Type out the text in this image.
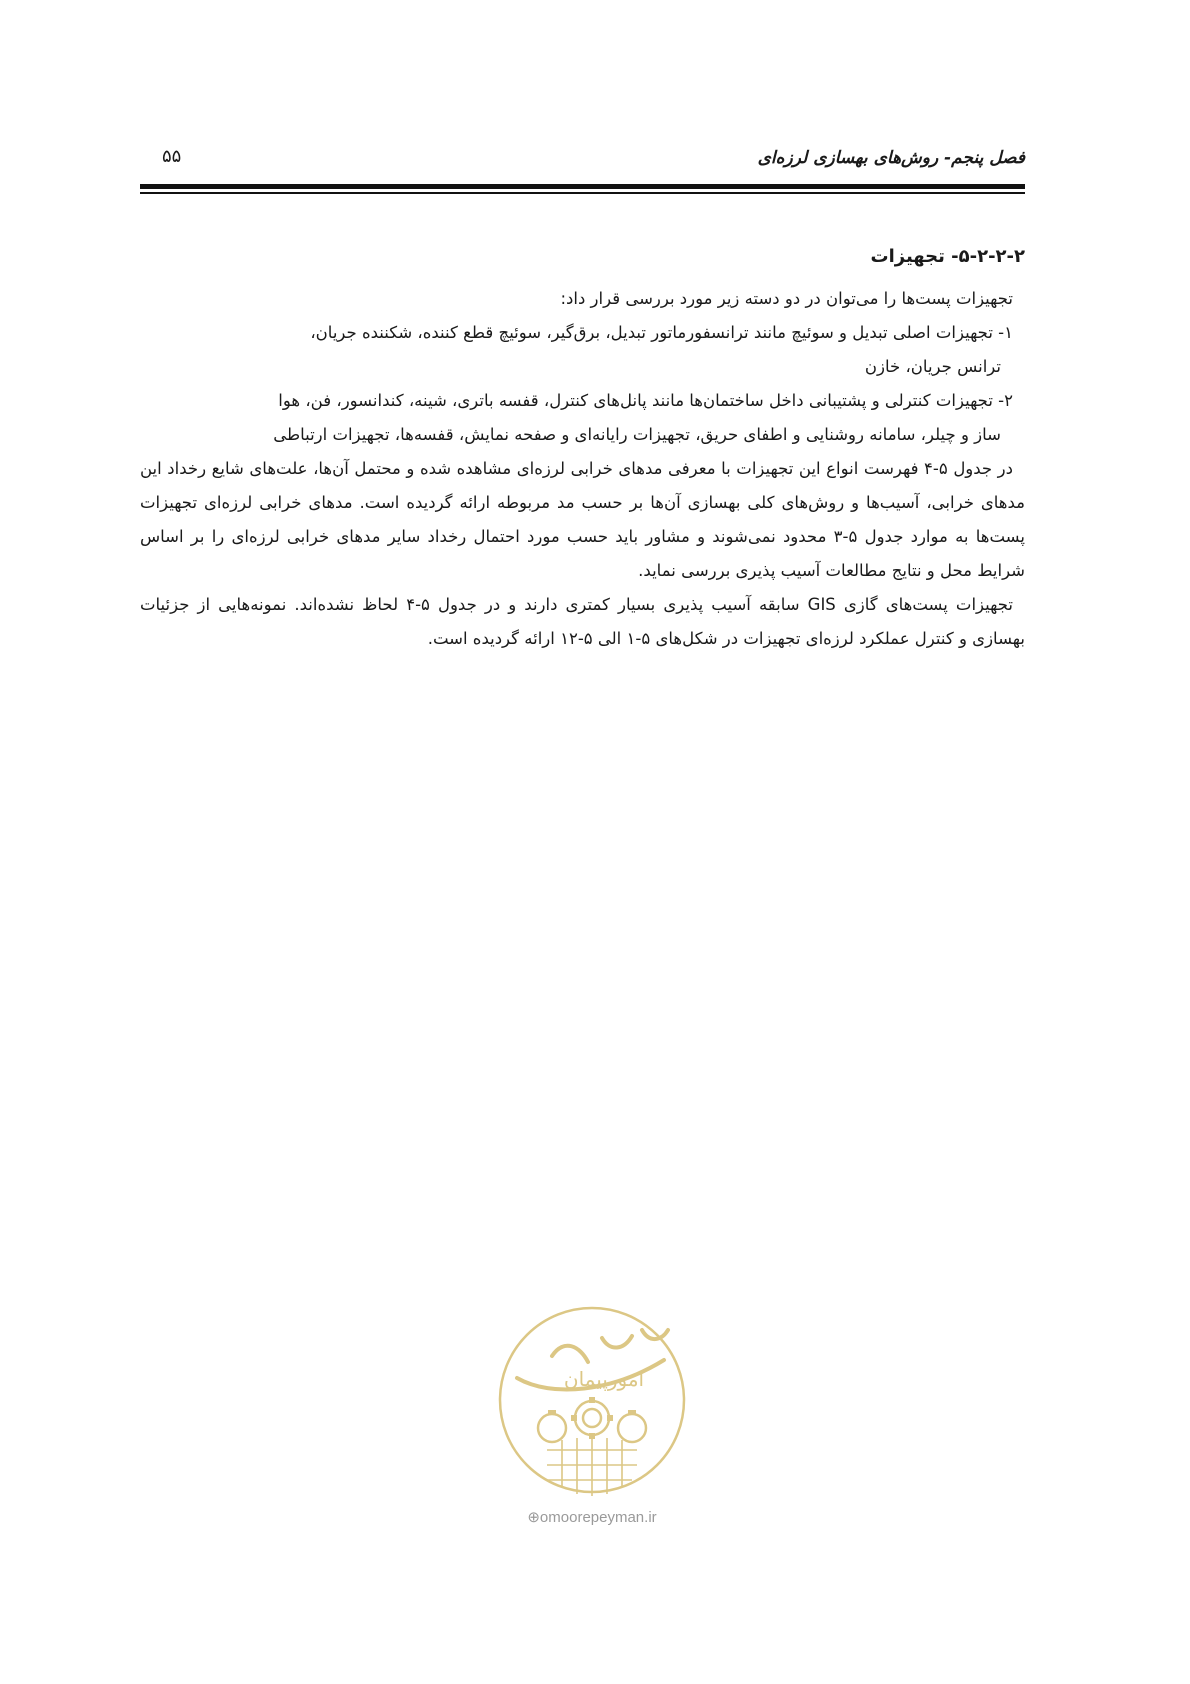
فصل پنجم- روش‌های بهسازی لرزه‌ای
۵۵
۵-۲-۲-۲- تجهیزات

تجهیزات پست‌ها را می‌توان در دو دسته زیر مورد بررسی قرار داد:

۱- تجهیزات اصلی تبدیل و سوئیچ مانند ترانسفورماتور تبدیل، برق‌گیر، سوئیچ قطع کننده، شکننده جریان،
ترانس جریان، خازن

۲- تجهیزات کنترلی و پشتیبانی داخل ساختمان‌ها مانند پانل‌های کنترل، قفسه باتری، شینه، کندانسور، فن، هوا
ساز و چیلر، سامانه روشنایی و اطفای حریق، تجهیزات رایانه‌ای و صفحه نمایش، قفسه‌ها، تجهیزات ارتباطی

در جدول ۵-۴ فهرست انواع این تجهیزات با معرفی مدهای خرابی لرزه‌ای مشاهده شده و محتمل آن‌ها، علت‌های شایع رخداد این مدهای خرابی، آسیب‌ها و روش‌های کلی بهسازی آن‌ها بر حسب مد مربوطه ارائه گردیده است. مدهای خرابی لرزه‌ای تجهیزات پست‌ها به موارد جدول ۵-۳ محدود نمی‌شوند و مشاور باید حسب مورد احتمال رخداد سایر مدهای خرابی لرزه‌ای را بر اساس شرایط محل و نتایج مطالعات آسیب پذیری بررسی نماید.

تجهیزات پست‌های گازی GIS سابقه آسیب پذیری بسیار کمتری دارند و در جدول ۵-۴ لحاظ نشده‌اند. نمونه‌هایی از جزئیات بهسازی و کنترل عملکرد لرزه‌ای تجهیزات در شکل‌های ۵-۱ الی ۵-۱۲ ارائه گردیده است.

امورپیمان
⊕omoorepeyman.ir
